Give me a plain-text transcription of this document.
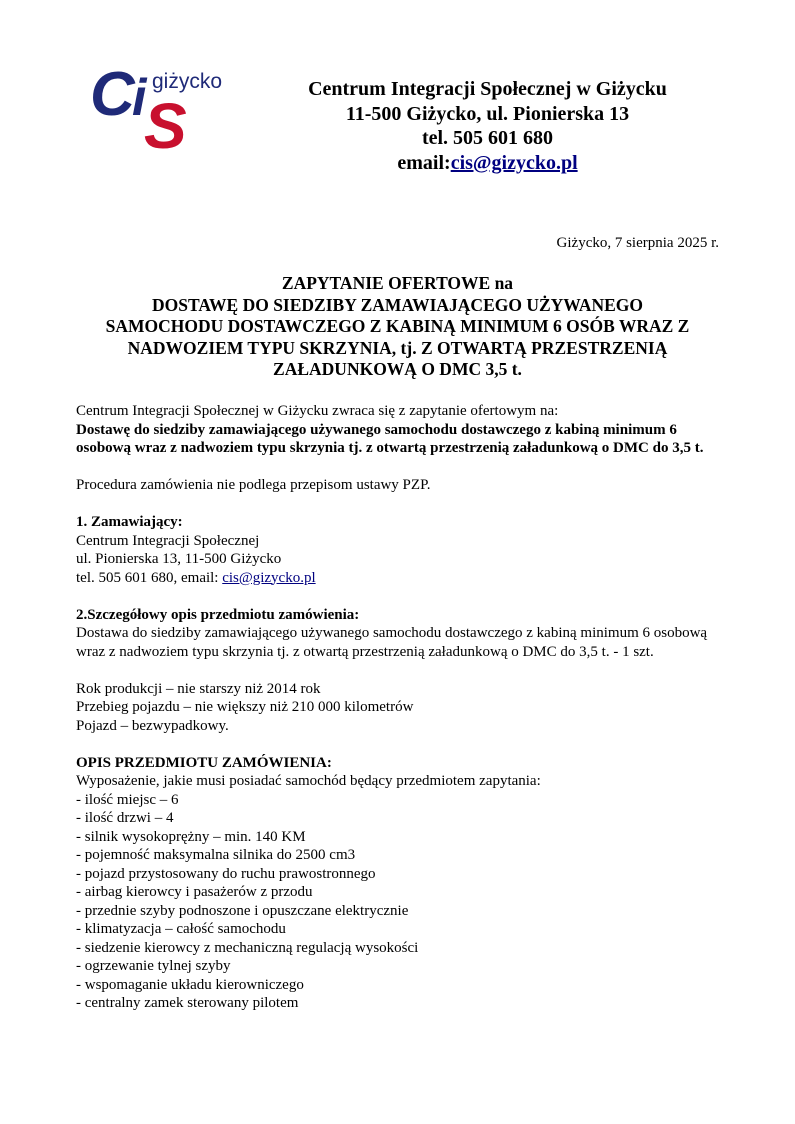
C
i
S
giżycko	Centrum Integracji Społecznej w Giżycku
11-500 Giżycko, ul. Pionierska 13
tel. 505 601 680
email:cis@gizycko.pl
Giżycko, 7 sierpnia 2025 r.
ZAPYTANIE OFERTOWE na
DOSTAWĘ DO SIEDZIBY ZAMAWIAJĄCEGO UŻYWANEGO
SAMOCHODU DOSTAWCZEGO Z KABINĄ MINIMUM 6 OSÓB WRAZ Z
NADWOZIEM TYPU SKRZYNIA, tj. Z OTWARTĄ PRZESTRZENIĄ
ZAŁADUNKOWĄ O DMC 3,5 t.

Centrum Integracji Społecznej w Giżycku zwraca się z zapytanie ofertowym na:

Dostawę do siedziby zamawiającego używanego samochodu dostawczego z kabiną minimum 6 osobową wraz z nadwoziem typu skrzynia tj. z otwartą przestrzenią załadunkową o DMC do 3,5 t.

Procedura zamówienia nie podlega przepisom ustawy PZP.

1. Zamawiający:

Centrum Integracji Społecznej

ul. Pionierska 13, 11-500 Giżycko

tel. 505 601 680, email: cis@gizycko.pl

2.Szczegółowy opis przedmiotu zamówienia:

Dostawa do siedziby zamawiającego używanego samochodu dostawczego z kabiną minimum 6 osobową wraz z nadwoziem typu skrzynia tj. z otwartą przestrzenią załadunkową o DMC do 3,5 t. - 1 szt.

Rok produkcji – nie starszy niż 2014 rok

Przebieg pojazdu – nie większy niż 210 000 kilometrów

Pojazd – bezwypadkowy.

OPIS PRZEDMIOTU ZAMÓWIENIA:

Wyposażenie, jakie musi posiadać samochód będący przedmiotem zapytania:

- ilość miejsc – 6

- ilość drzwi – 4

- silnik wysokoprężny – min. 140 KM

- pojemność maksymalna silnika do 2500 cm3

- pojazd przystosowany do ruchu prawostronnego

- airbag kierowcy i pasażerów z przodu

- przednie szyby podnoszone i opuszczane elektrycznie

- klimatyzacja – całość samochodu

- siedzenie kierowcy z mechaniczną regulacją wysokości

- ogrzewanie tylnej szyby

- wspomaganie układu kierowniczego

- centralny zamek sterowany pilotem
